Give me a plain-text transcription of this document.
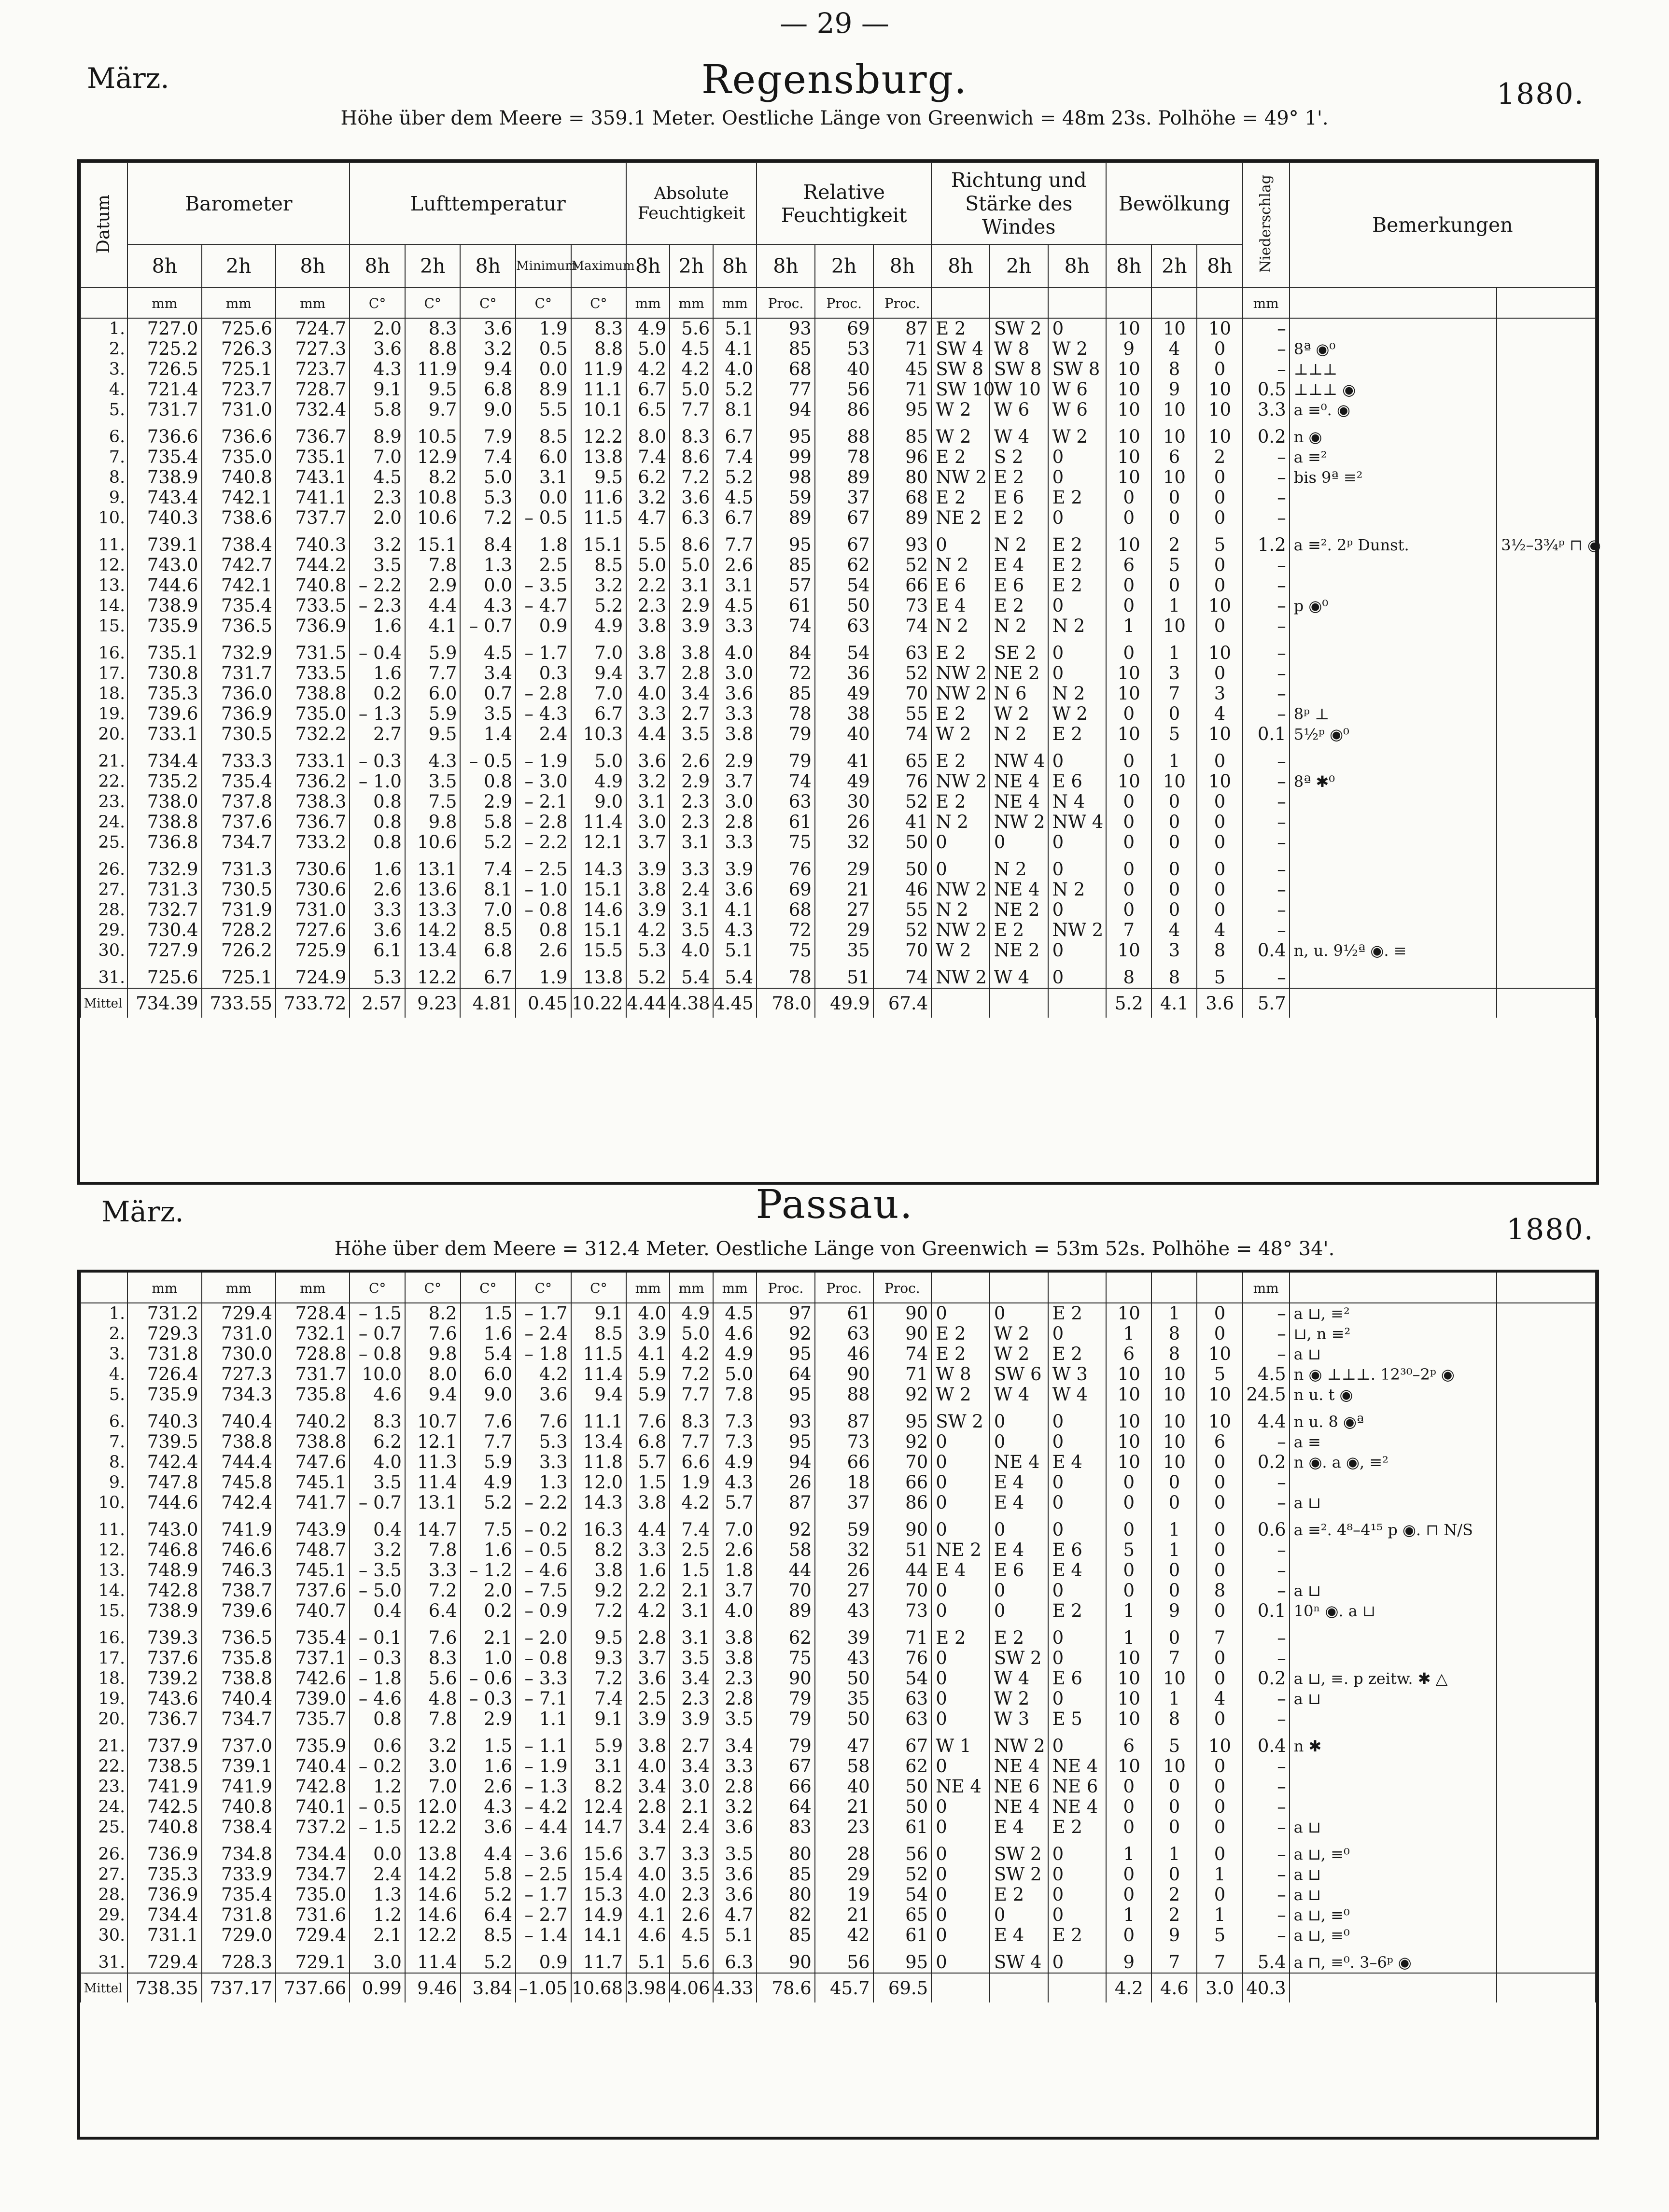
— 29 —
März.	Regensburg.	1880.
Höhe über dem Meere = 359.1 Meter. Oestliche Länge von Greenwich = 48m 23s. Polhöhe = 49° 1'.
Datum	Barometer			Lufttemperatur					Absolute Feuchtigkeit			Relative Feuchtigkeit			Richtung und Stärke des Windes			Bewölkung			Niederschlag	Bemerkungen	
	8h	2h	8h	8h	2h	8h	Minimum	Maximum	8h	2h	8h	8h	2h	8h	8h	2h	8h	8h	2h	8h			
	mm	mm	mm	C°	C°	C°	C°	C°	mm	mm	mm	Proc.	Proc.	Proc.							mm		
1.	727.0	725.6	724.7	2.0	8.3	3.6	1.9	8.3	4.9	5.6	5.1	93	69	87	E 2	SW 2	0	10	10	10	–		
2.	725.2	726.3	727.3	3.6	8.8	3.2	0.5	8.8	5.0	4.5	4.1	85	53	71	SW 4	W 8	W 2	9	4	0	–	8ª ◉⁰	
3.	726.5	725.1	723.7	4.3	11.9	9.4	0.0	11.9	4.2	4.2	4.0	68	40	45	SW 8	SW 8	SW 8	10	8	0	–	⊥⊥⊥	
4.	721.4	723.7	728.7	9.1	9.5	6.8	8.9	11.1	6.7	5.0	5.2	77	56	71	SW 10	W 10	W 6	10	9	10	0.5	⊥⊥⊥ ◉	
5.	731.7	731.0	732.4	5.8	9.7	9.0	5.5	10.1	6.5	7.7	8.1	94	86	95	W 2	W 6	W 6	10	10	10	3.3	a ≡⁰. ◉	
6.	736.6	736.6	736.7	8.9	10.5	7.9	8.5	12.2	8.0	8.3	6.7	95	88	85	W 2	W 4	W 2	10	10	10	0.2	n ◉	
7.	735.4	735.0	735.1	7.0	12.9	7.4	6.0	13.8	7.4	8.6	7.4	99	78	96	E 2	S 2	0	10	6	2	–	a ≡²	
8.	738.9	740.8	743.1	4.5	8.2	5.0	3.1	9.5	6.2	7.2	5.2	98	89	80	NW 2	E 2	0	10	10	0	–	bis 9ª ≡²	
9.	743.4	742.1	741.1	2.3	10.8	5.3	0.0	11.6	3.2	3.6	4.5	59	37	68	E 2	E 6	E 2	0	0	0	–		
10.	740.3	738.6	737.7	2.0	10.6	7.2	– 0.5	11.5	4.7	6.3	6.7	89	67	89	NE 2	E 2	0	0	0	0	–		
11.	739.1	738.4	740.3	3.2	15.1	8.4	1.8	15.1	5.5	8.6	7.7	95	67	93	0	N 2	E 2	10	2	5	1.2	a ≡². 2ᵖ Dunst.	3½–3¾ᵖ ⊓ ◉
12.	743.0	742.7	744.2	3.5	7.8	1.3	2.5	8.5	5.0	5.0	2.6	85	62	52	N 2	E 4	E 2	6	5	0	–		
13.	744.6	742.1	740.8	– 2.2	2.9	0.0	– 3.5	3.2	2.2	3.1	3.1	57	54	66	E 6	E 6	E 2	0	0	0	–		
14.	738.9	735.4	733.5	– 2.3	4.4	4.3	– 4.7	5.2	2.3	2.9	4.5	61	50	73	E 4	E 2	0	0	1	10	–	p ◉⁰	
15.	735.9	736.5	736.9	1.6	4.1	– 0.7	0.9	4.9	3.8	3.9	3.3	74	63	74	N 2	N 2	N 2	1	10	0	–		
16.	735.1	732.9	731.5	– 0.4	5.9	4.5	– 1.7	7.0	3.8	3.8	4.0	84	54	63	E 2	SE 2	0	0	1	10	–		
17.	730.8	731.7	733.5	1.6	7.7	3.4	0.3	9.4	3.7	2.8	3.0	72	36	52	NW 2	NE 2	0	10	3	0	–		
18.	735.3	736.0	738.8	0.2	6.0	0.7	– 2.8	7.0	4.0	3.4	3.6	85	49	70	NW 2	N 6	N 2	10	7	3	–		
19.	739.6	736.9	735.0	– 1.3	5.9	3.5	– 4.3	6.7	3.3	2.7	3.3	78	38	55	E 2	W 2	W 2	0	0	4	–	8ᵖ ⊥	
20.	733.1	730.5	732.2	2.7	9.5	1.4	2.4	10.3	4.4	3.5	3.8	79	40	74	W 2	N 2	E 2	10	5	10	0.1	5½ᵖ ◉⁰	
21.	734.4	733.3	733.1	– 0.3	4.3	– 0.5	– 1.9	5.0	3.6	2.6	2.9	79	41	65	E 2	NW 4	0	0	1	0	–		
22.	735.2	735.4	736.2	– 1.0	3.5	0.8	– 3.0	4.9	3.2	2.9	3.7	74	49	76	NW 2	NE 4	E 6	10	10	10	–	8ª ✱⁰	
23.	738.0	737.8	738.3	0.8	7.5	2.9	– 2.1	9.0	3.1	2.3	3.0	63	30	52	E 2	NE 4	N 4	0	0	0	–		
24.	738.8	737.6	736.7	0.8	9.8	5.8	– 2.8	11.4	3.0	2.3	2.8	61	26	41	N 2	NW 2	NW 4	0	0	0	–		
25.	736.8	734.7	733.2	0.8	10.6	5.2	– 2.2	12.1	3.7	3.1	3.3	75	32	50	0	0	0	0	0	0	–		
26.	732.9	731.3	730.6	1.6	13.1	7.4	– 2.5	14.3	3.9	3.3	3.9	76	29	50	0	N 2	0	0	0	0	–		
27.	731.3	730.5	730.6	2.6	13.6	8.1	– 1.0	15.1	3.8	2.4	3.6	69	21	46	NW 2	NE 4	N 2	0	0	0	–		
28.	732.7	731.9	731.0	3.3	13.3	7.0	– 0.8	14.6	3.9	3.1	4.1	68	27	55	N 2	NE 2	0	0	0	0	–		
29.	730.4	728.2	727.6	3.6	14.2	8.5	0.8	15.1	4.2	3.5	4.3	72	29	52	NW 2	E 2	NW 2	7	4	4	–		
30.	727.9	726.2	725.9	6.1	13.4	6.8	2.6	15.5	5.3	4.0	5.1	75	35	70	W 2	NE 2	0	10	3	8	0.4	n, u. 9½ª ◉. ≡	
31.	725.6	725.1	724.9	5.3	12.2	6.7	1.9	13.8	5.2	5.4	5.4	78	51	74	NW 2	W 4	0	8	8	5	–		
Mittel	734.39	733.55	733.72	2.57	9.23	4.81	0.45	10.22	4.44	4.38	4.45	78.0	49.9	67.4				5.2	4.1	3.6	5.7		
März.	Passau.
1880.
Höhe über dem Meere = 312.4 Meter. Oestliche Länge von Greenwich = 53m 52s. Polhöhe = 48° 34'.
	mm	mm	mm	C°	C°	C°	C°	C°	mm	mm	mm	Proc.	Proc.	Proc.							mm		
1.	731.2	729.4	728.4	– 1.5	8.2	1.5	– 1.7	9.1	4.0	4.9	4.5	97	61	90	0	0	E 2	10	1	0	–	a ⊔, ≡²	
2.	729.3	731.0	732.1	– 0.7	7.6	1.6	– 2.4	8.5	3.9	5.0	4.6	92	63	90	E 2	W 2	0	1	8	0	–	⊔, n ≡²	
3.	731.8	730.0	728.8	– 0.8	9.8	5.4	– 1.8	11.5	4.1	4.2	4.9	95	46	74	E 2	W 2	E 2	6	8	10	–	a ⊔	
4.	726.4	727.3	731.7	10.0	8.0	6.0	4.2	11.4	5.9	7.2	5.0	64	90	71	W 8	SW 6	W 3	10	10	5	4.5	n ◉ ⊥⊥⊥. 12³⁰–2ᵖ ◉	
5.	735.9	734.3	735.8	4.6	9.4	9.0	3.6	9.4	5.9	7.7	7.8	95	88	92	W 2	W 4	W 4	10	10	10	24.5	n u. t ◉	
6.	740.3	740.4	740.2	8.3	10.7	7.6	7.6	11.1	7.6	8.3	7.3	93	87	95	SW 2	0	0	10	10	10	4.4	n u. 8 ◉ª	
7.	739.5	738.8	738.8	6.2	12.1	7.7	5.3	13.4	6.8	7.7	7.3	95	73	92	0	0	0	10	10	6	–	a ≡	
8.	742.4	744.4	747.6	4.0	11.3	5.9	3.3	11.8	5.7	6.6	4.9	94	66	70	0	NE 4	E 4	10	10	0	0.2	n ◉. a ◉, ≡²	
9.	747.8	745.8	745.1	3.5	11.4	4.9	1.3	12.0	1.5	1.9	4.3	26	18	66	0	E 4	0	0	0	0	–		
10.	744.6	742.4	741.7	– 0.7	13.1	5.2	– 2.2	14.3	3.8	4.2	5.7	87	37	86	0	E 4	0	0	0	0	–	a ⊔	
11.	743.0	741.9	743.9	0.4	14.7	7.5	– 0.2	16.3	4.4	7.4	7.0	92	59	90	0	0	0	0	1	0	0.6	a ≡². 4⁸–4¹⁵ p ◉. ⊓ N/S	
12.	746.8	746.6	748.7	3.2	7.8	1.6	– 0.5	8.2	3.3	2.5	2.6	58	32	51	NE 2	E 4	E 6	5	1	0	–		
13.	748.9	746.3	745.1	– 3.5	3.3	– 1.2	– 4.6	3.8	1.6	1.5	1.8	44	26	44	E 4	E 6	E 4	0	0	0	–		
14.	742.8	738.7	737.6	– 5.0	7.2	2.0	– 7.5	9.2	2.2	2.1	3.7	70	27	70	0	0	0	0	0	8	–	a ⊔	
15.	738.9	739.6	740.7	0.4	6.4	0.2	– 0.9	7.2	4.2	3.1	4.0	89	43	73	0	0	E 2	1	9	0	0.1	10ⁿ ◉. a ⊔	
16.	739.3	736.5	735.4	– 0.1	7.6	2.1	– 2.0	9.5	2.8	3.1	3.8	62	39	71	E 2	E 2	0	1	0	7	–		
17.	737.6	735.8	737.1	– 0.3	8.3	1.0	– 0.8	9.3	3.7	3.5	3.8	75	43	76	0	SW 2	0	10	7	0	–		
18.	739.2	738.8	742.6	– 1.8	5.6	– 0.6	– 3.3	7.2	3.6	3.4	2.3	90	50	54	0	W 4	E 6	10	10	0	0.2	a ⊔, ≡. p zeitw. ✱ △	
19.	743.6	740.4	739.0	– 4.6	4.8	– 0.3	– 7.1	7.4	2.5	2.3	2.8	79	35	63	0	W 2	0	10	1	4	–	a ⊔	
20.	736.7	734.7	735.7	0.8	7.8	2.9	1.1	9.1	3.9	3.9	3.5	79	50	63	0	W 3	E 5	10	8	0	–		
21.	737.9	737.0	735.9	0.6	3.2	1.5	– 1.1	5.9	3.8	2.7	3.4	79	47	67	W 1	NW 2	0	6	5	10	0.4	n ✱	
22.	738.5	739.1	740.4	– 0.2	3.0	1.6	– 1.9	3.1	4.0	3.4	3.3	67	58	62	0	NE 4	NE 4	10	10	0	–		
23.	741.9	741.9	742.8	1.2	7.0	2.6	– 1.3	8.2	3.4	3.0	2.8	66	40	50	NE 4	NE 6	NE 6	0	0	0	–		
24.	742.5	740.8	740.1	– 0.5	12.0	4.3	– 4.2	12.4	2.8	2.1	3.2	64	21	50	0	NE 4	NE 4	0	0	0	–		
25.	740.8	738.4	737.2	– 1.5	12.2	3.6	– 4.4	14.7	3.4	2.4	3.6	83	23	61	0	E 4	E 2	0	0	0	–	a ⊔	
26.	736.9	734.8	734.4	0.0	13.8	4.4	– 3.6	15.6	3.7	3.3	3.5	80	28	56	0	SW 2	0	1	1	0	–	a ⊔, ≡⁰	
27.	735.3	733.9	734.7	2.4	14.2	5.8	– 2.5	15.4	4.0	3.5	3.6	85	29	52	0	SW 2	0	0	0	1	–	a ⊔	
28.	736.9	735.4	735.0	1.3	14.6	5.2	– 1.7	15.3	4.0	2.3	3.6	80	19	54	0	E 2	0	0	2	0	–	a ⊔	
29.	734.4	731.8	731.6	1.2	14.6	6.4	– 2.7	14.9	4.1	2.6	4.7	82	21	65	0	0	0	1	2	1	–	a ⊔, ≡⁰	
30.	731.1	729.0	729.4	2.1	12.2	8.5	– 1.4	14.1	4.6	4.5	5.1	85	42	61	0	E 4	E 2	0	9	5	–	a ⊔, ≡⁰	
31.	729.4	728.3	729.1	3.0	11.4	5.2	0.9	11.7	5.1	5.6	6.3	90	56	95	0	SW 4	0	9	7	7	5.4	a ⊓, ≡⁰. 3–6ᵖ ◉	
Mittel	738.35	737.17	737.66	0.99	9.46	3.84	–1.05	10.68	3.98	4.06	4.33	78.6	45.7	69.5				4.2	4.6	3.0	40.3		
